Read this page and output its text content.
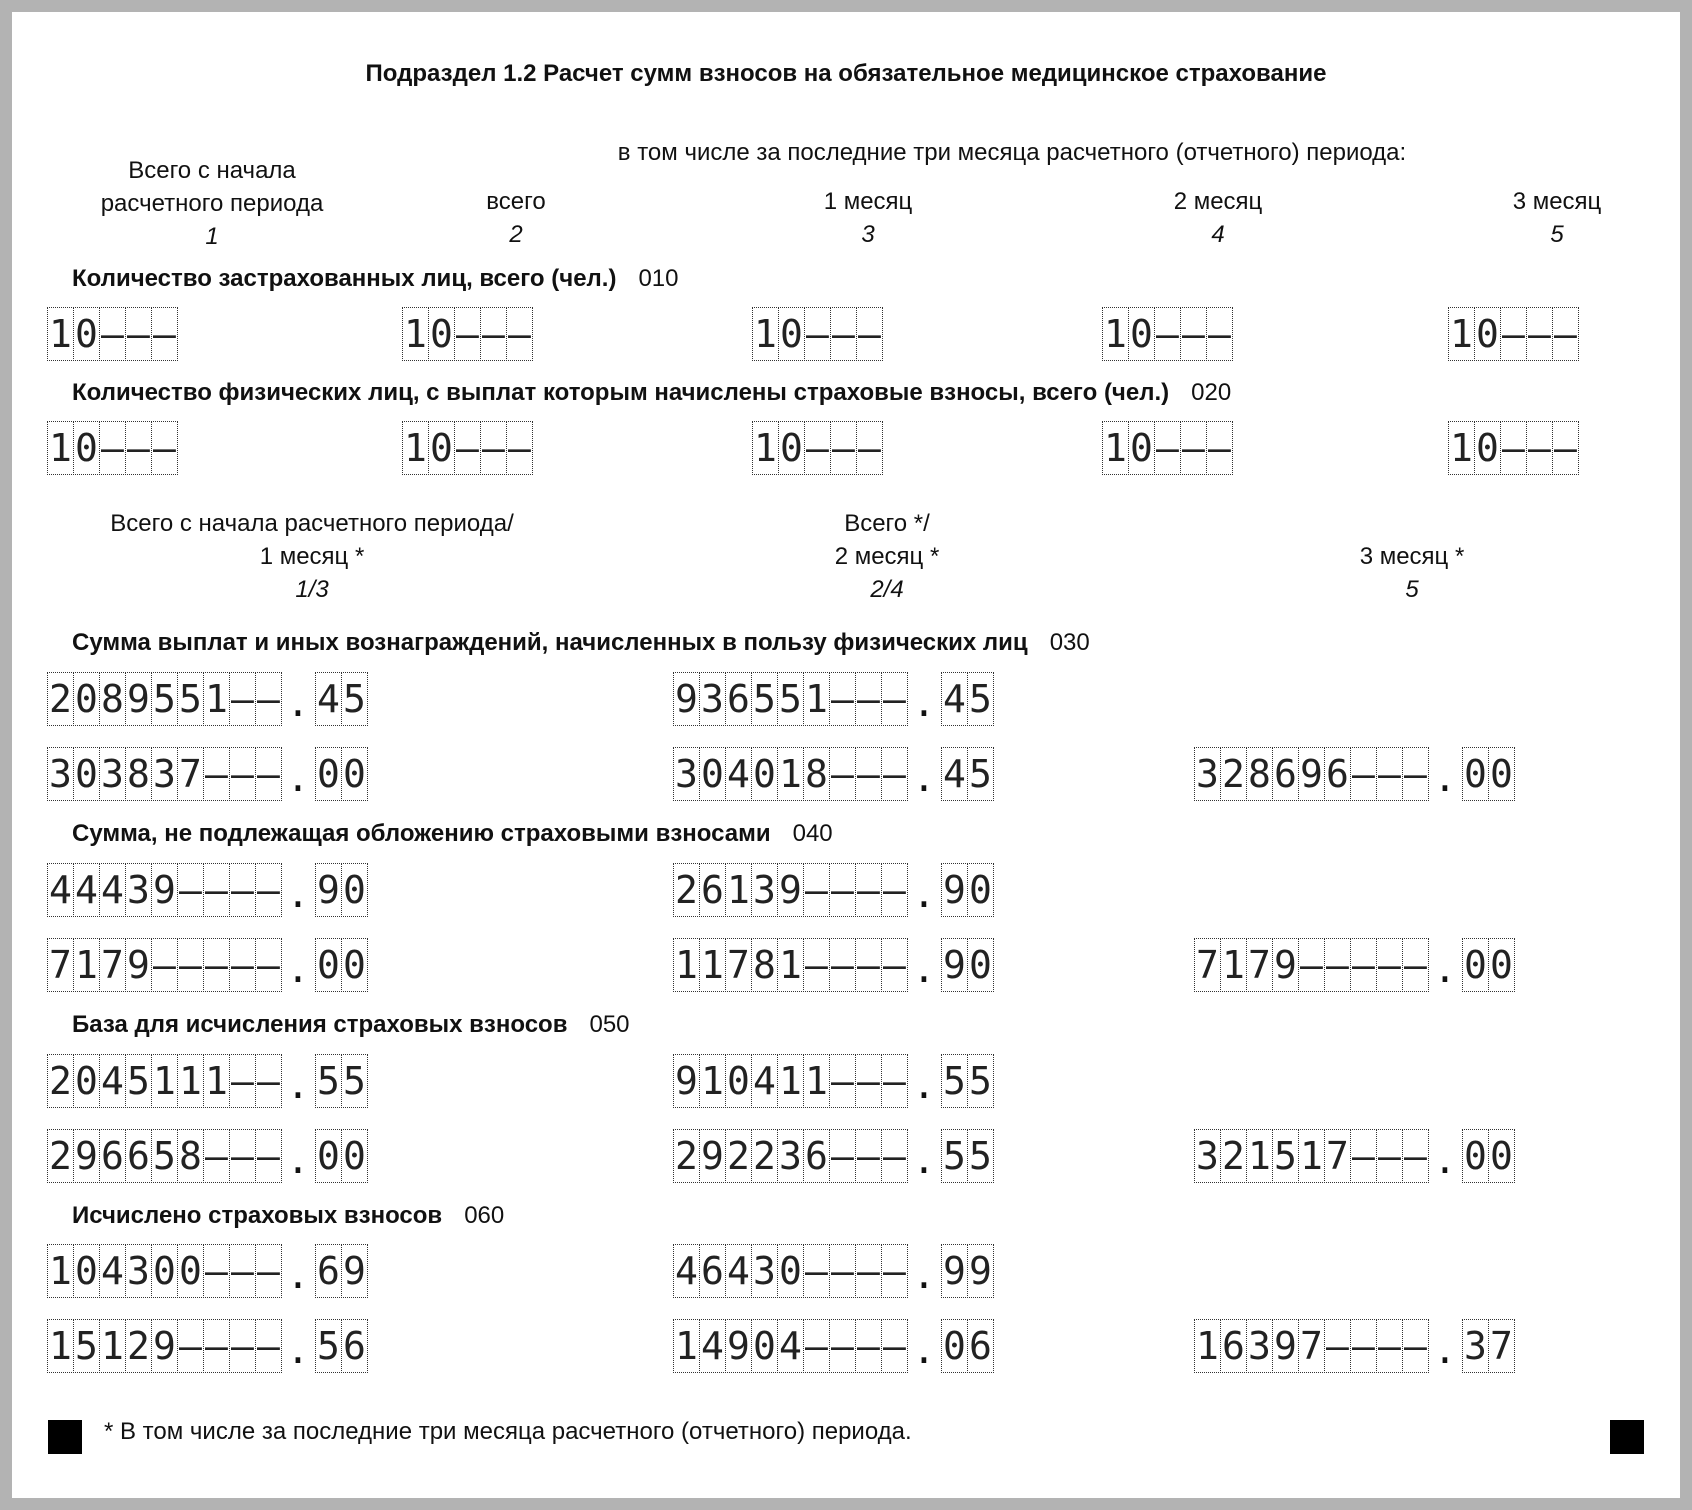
Подраздел 1.2 Расчет сумм взносов на обязательное медицинское страхование
Всего с начала
расчетного периода
1
в том числе за последние три месяца расчетного (отчетного) периода:
всего
2
1 месяц
3
2 месяц
4
3 месяц
5
Количество застрахованных лиц, всего (чел.) 010
1 0 – – –	1 0 – – –	1 0 – – –	1 0 – – –	1 0 – – –
Количество физических лиц, с выплат которым начислены страховые взносы, всего (чел.) 020
1 0 – – –	1 0 – – –	1 0 – – –	1 0 – – –	1 0 – – –
Всего с начала расчетного периода/
1 месяц *
1/3
Всего */
2 месяц *
2/4
3 месяц *
5
Сумма выплат и иных вознаграждений, начисленных в пользу физических лиц 030
2 0 8 9 5 5 1 – – . 4 5	9 3 6 5 5 1 – – – . 4 5
3 0 3 8 3 7 – – – . 0 0	3 0 4 0 1 8 – – – . 4 5	3 2 8 6 9 6 – – – . 0 0
Сумма, не подлежащая обложению страховыми взносами 040
4 4 4 3 9 – – – – . 9 0	2 6 1 3 9 – – – – . 9 0
7 1 7 9 – – – – – . 0 0	1 1 7 8 1 – – – – . 9 0	7 1 7 9 – – – – – . 0 0
База для исчисления страховых взносов 050
2 0 4 5 1 1 1 – – . 5 5	9 1 0 4 1 1 – – – . 5 5
2 9 6 6 5 8 – – – . 0 0	2 9 2 2 3 6 – – – . 5 5	3 2 1 5 1 7 – – – . 0 0
Исчислено страховых взносов 060
1 0 4 3 0 0 – – – . 6 9	4 6 4 3 0 – – – – . 9 9
1 5 1 2 9 – – – – . 5 6	1 4 9 0 4 – – – – . 0 6	1 6 3 9 7 – – – – . 3 7
* В том числе за последние три месяца расчетного (отчетного) периода.
